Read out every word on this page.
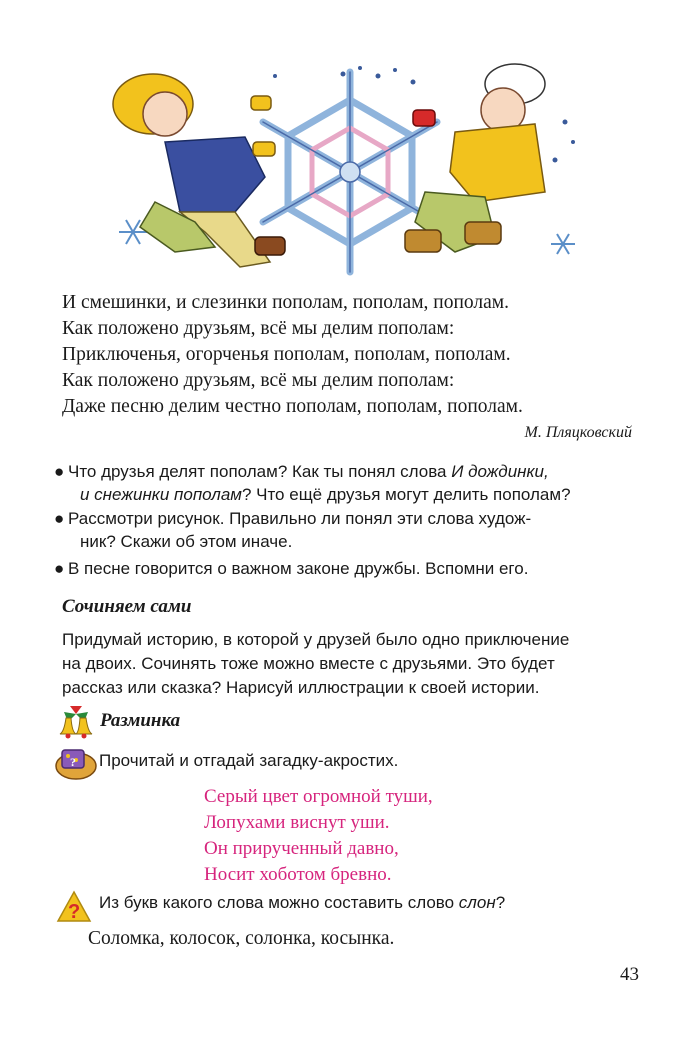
И смешинки, и слезинки пополам, пополам, пополам.
Как положено друзьям, всё мы делим пополам:
Приключенья, огорченья пополам, пополам, пополам.
Как положено друзьям, всё мы делим пополам:
Даже песню делим честно пополам, пополам, пополам.
М. Пляцковский
● Что друзья делят пополам? Как ты понял слова И дождинки,
и снежинки пополам? Что ещё друзья могут делить пополам?
● Рассмотри рисунок. Правильно ли понял эти слова худож-
ник? Скажи об этом иначе.
● В песне говорится о важном законе дружбы. Вспомни его.
Сочиняем сами
Придумай историю, в которой у друзей было одно приключение
на двоих. Сочинять тоже можно вместе с друзьями. Это будет
рассказ или сказка? Нарисуй иллюстрации к своей истории.
Разминка
? Прочитай и отгадай загадку-акростих.
Серый цвет огромной туши,
Лопухами виснут уши.
Он прирученный давно,
Носит хоботом бревно.
? Из букв какого слова можно составить слово слон?
Соломка, колосок, солонка, косынка.
43
